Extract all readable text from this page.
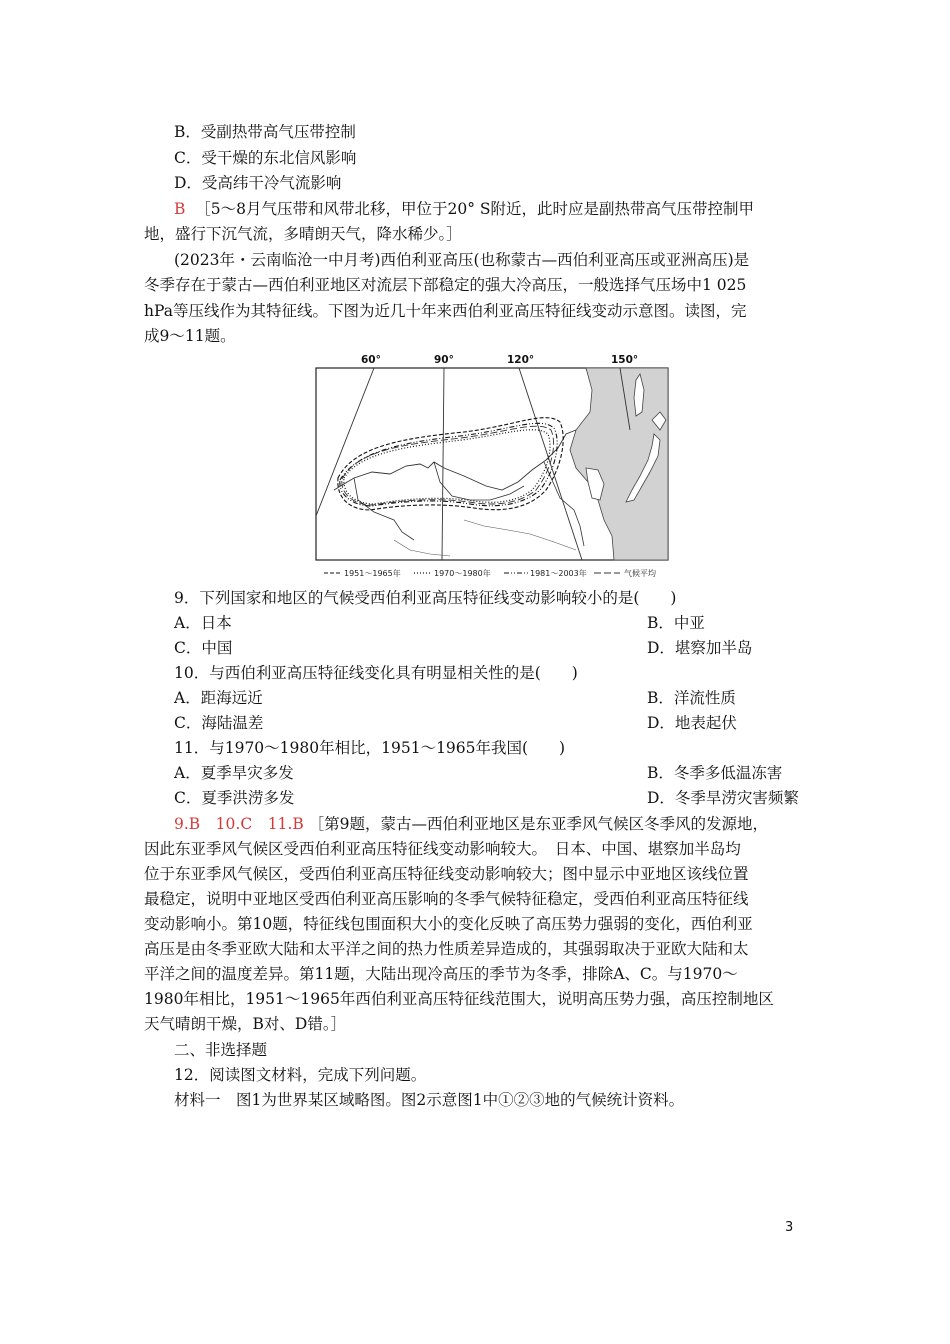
B．受副热带高气压带控制
C．受干燥的东北信风影响
D．受高纬干冷气流影响
B ［5～8月气压带和风带北移，甲位于20° S附近，此时应是副热带高气压带控制甲
地，盛行下沉气流，多晴朗天气，降水稀少。］
(2023年・云南临沧一中月考)西伯利亚高压(也称蒙古—西伯利亚高压或亚洲高压)是
冬季存在于蒙古—西伯利亚地区对流层下部稳定的强大冷高压，一般选择气压场中1 025
hPa等压线作为其特征线。下图为近几十年来西伯利亚高压特征线变动示意图。读图，完
成9～11题。
60°	90°	120°	150°
1951～1965年	1970～1980年	1981～2003年	气候平均
9．下列国家和地区的气候受西伯利亚高压特征线变动影响较小的是(　　)
A．日本	B．中亚
C．中国	D．堪察加半岛
10．与西伯利亚高压特征线变化具有明显相关性的是(　　)
A．距海远近	B．洋流性质
C．海陆温差	D．地表起伏
11．与1970～1980年相比，1951～1965年我国(　　)
A．夏季旱灾多发	B．冬季多低温冻害
C．夏季洪涝多发	D．冬季旱涝灾害频繁
9.B　10.C　11.B ［第9题，蒙古—西伯利亚地区是东亚季风气候区冬季风的发源地，
因此东亚季风气候区受西伯利亚高压特征线变动影响较大。　日本、中国、堪察加半岛均
位于东亚季风气候区，受西伯利亚高压特征线变动影响较大；图中显示中亚地区该线位置
最稳定，说明中亚地区受西伯利亚高压影响的冬季气候特征稳定，受西伯利亚高压特征线
变动影响小。第10题，特征线包围面积大小的变化反映了高压势力强弱的变化，西伯利亚
高压是由冬季亚欧大陆和太平洋之间的热力性质差异造成的，其强弱取决于亚欧大陆和太
平洋之间的温度差异。第11题，大陆出现冷高压的季节为冬季，排除A、C。与1970～
1980年相比，1951～1965年西伯利亚高压特征线范围大，说明高压势力强，高压控制地区
天气晴朗干燥，B对、D错。］
二、非选择题
12．阅读图文材料，完成下列问题。
材料一　图1为世界某区域略图。图2示意图1中①②③地的气候统计资料。
3
